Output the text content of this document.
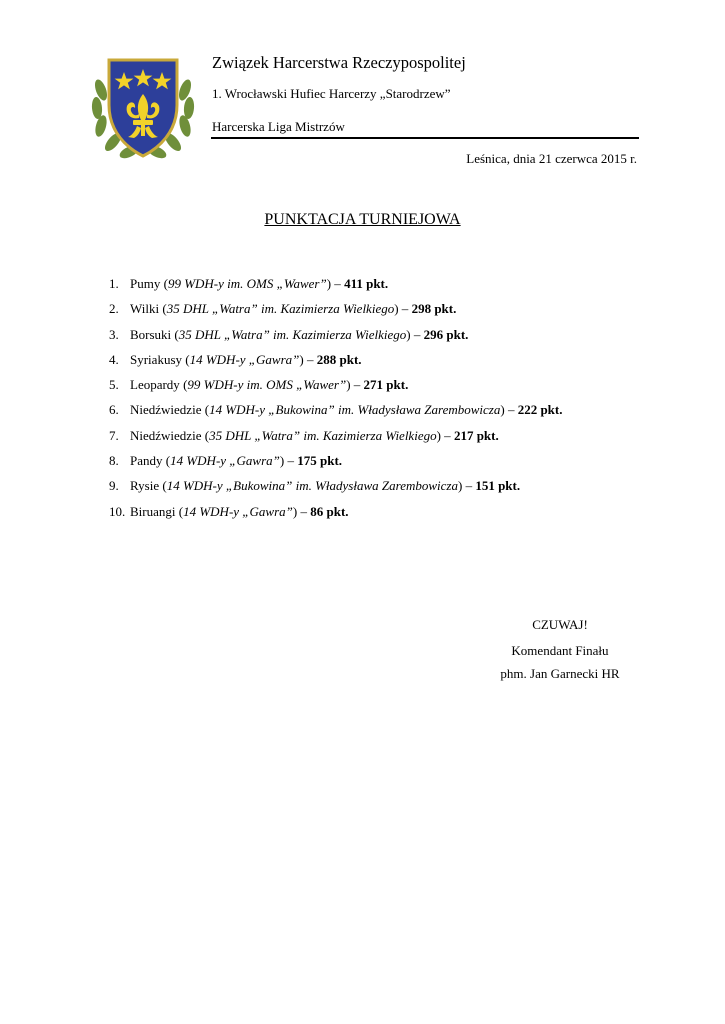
Związek Harcerstwa Rzeczypospolitej
1. Wrocławski Hufiec Harcerzy „Starodrzew”
Harcerska Liga Mistrzów
Leśnica, dnia 21 czerwca 2015 r.
PUNKTACJA TURNIEJOWA
1. Pumy (99 WDH-y im. OMS „Wawer”) – 411 pkt.
2. Wilki (35 DHL „Watra” im. Kazimierza Wielkiego) – 298 pkt.
3. Borsuki (35 DHL „Watra” im. Kazimierza Wielkiego) – 296 pkt.
4. Syriakusy (14 WDH-y „Gawra”) – 288 pkt.
5. Leopardy (99 WDH-y im. OMS „Wawer”) – 271 pkt.
6. Niedźwiedzie (14 WDH-y „Bukowina” im. Władysława Zarembowicza) – 222 pkt.
7. Niedźwiedzie (35 DHL „Watra” im. Kazimierza Wielkiego) – 217 pkt.
8. Pandy (14 WDH-y „Gawra”) – 175 pkt.
9. Rysie (14 WDH-y „Bukowina” im. Władysława Zarembowicza) – 151 pkt.
10. Biruangi (14 WDH-y „Gawra”) – 86 pkt.
CZUWAJ!
Komendant Finału
phm. Jan Garnecki HR
